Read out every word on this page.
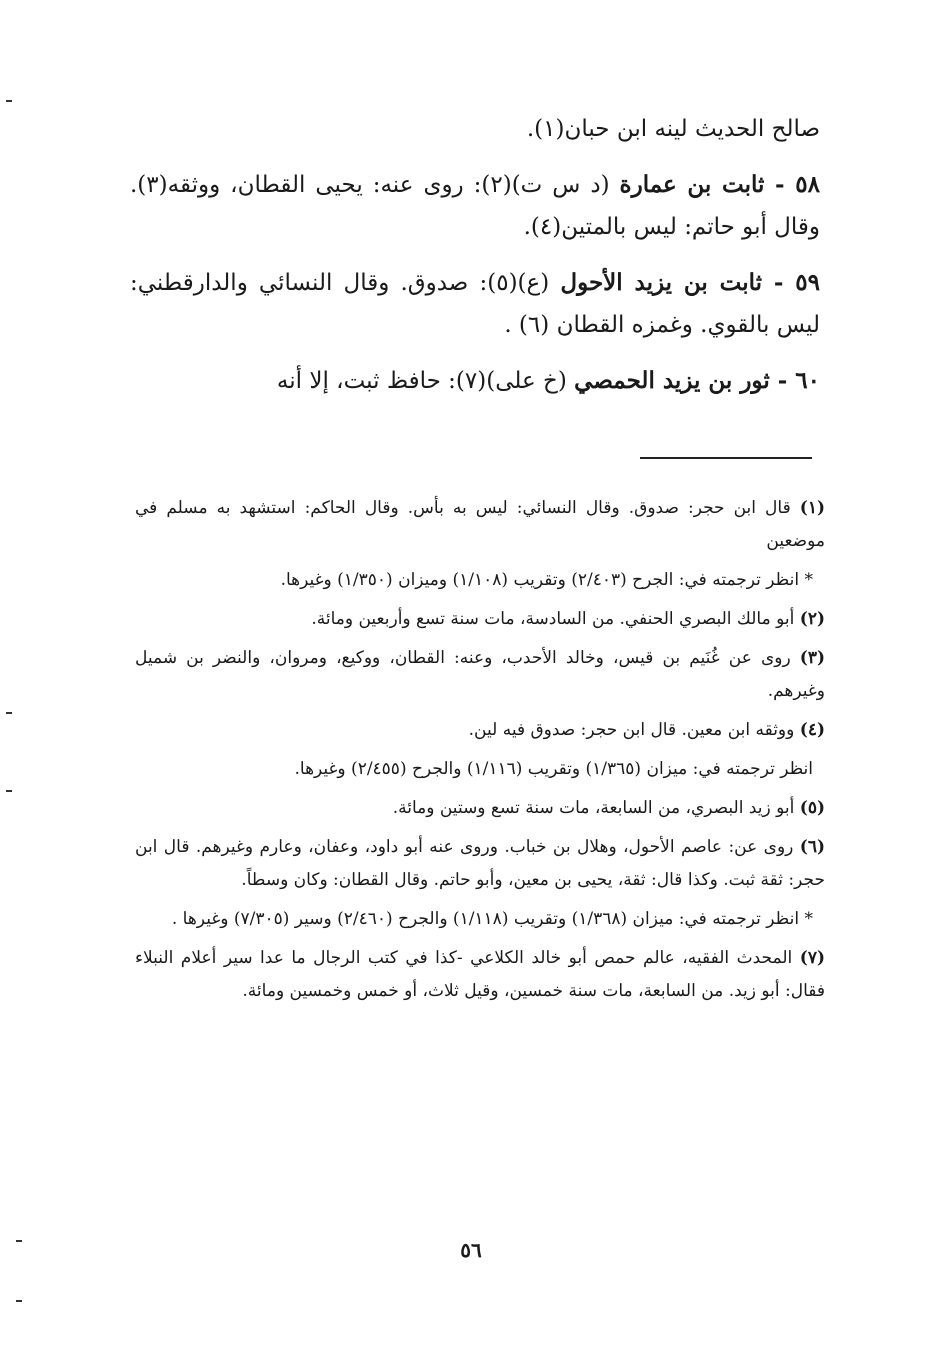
صالح الحديث لينه ابن حبان(١).
٥٨ - ثابت بن عمارة (د س ت)(٢): روى عنه: يحيى القطان، ووثقه(٣). وقال أبو حاتم: ليس بالمتين(٤).
٥٩ - ثابت بن يزيد الأحول (ع)(٥): صدوق. وقال النسائي والدارقطني: ليس بالقوي. وغمزه القطان (٦) .
٦٠ - ثور بن يزيد الحمصي (خ على)(٧): حافظ ثبت، إلا أنه
(١) قال ابن حجر: صدوق. وقال النسائي: ليس به بأس. وقال الحاكم: استشهد به مسلم في موضعين
* انظر ترجمته في: الجرح (٢/٤٠٣) وتقريب (١/١٠٨) وميزان (١/٣٥٠) وغيرها.
(٢) أبو مالك البصري الحنفي. من السادسة، مات سنة تسع وأربعين ومائة.
(٣) روى عن غُنَيم بن قيس، وخالد الأحدب، وعنه: القطان، ووكيع، ومروان، والنضر بن شميل وغيرهم.
(٤) ووثقه ابن معين. قال ابن حجر: صدوق فيه لين.
انظر ترجمته في: ميزان (١/٣٦٥) وتقريب (١/١١٦) والجرح (٢/٤٥٥) وغيرها.
(٥) أبو زيد البصري، من السابعة، مات سنة تسع وستين ومائة.
(٦) روى عن: عاصم الأحول، وهلال بن خباب. وروى عنه أبو داود، وعفان، وعارم وغيرهم. قال ابن حجر: ثقة ثبت. وكذا قال: ثقة، يحيى بن معين، وأبو حاتم. وقال القطان: وكان وسطاً.
* انظر ترجمته في: ميزان (١/٣٦٨) وتقريب (١/١١٨) والجرح (٢/٤٦٠) وسير (٧/٣٠٥) وغيرها .
(٧) المحدث الفقيه، عالم حمص أبو خالد الكلاعي -كذا في كتب الرجال ما عدا سير أعلام النبلاء فقال: أبو زيد. من السابعة، مات سنة خمسين، وقيل ثلاث، أو خمس وخمسين ومائة.
٥٦
